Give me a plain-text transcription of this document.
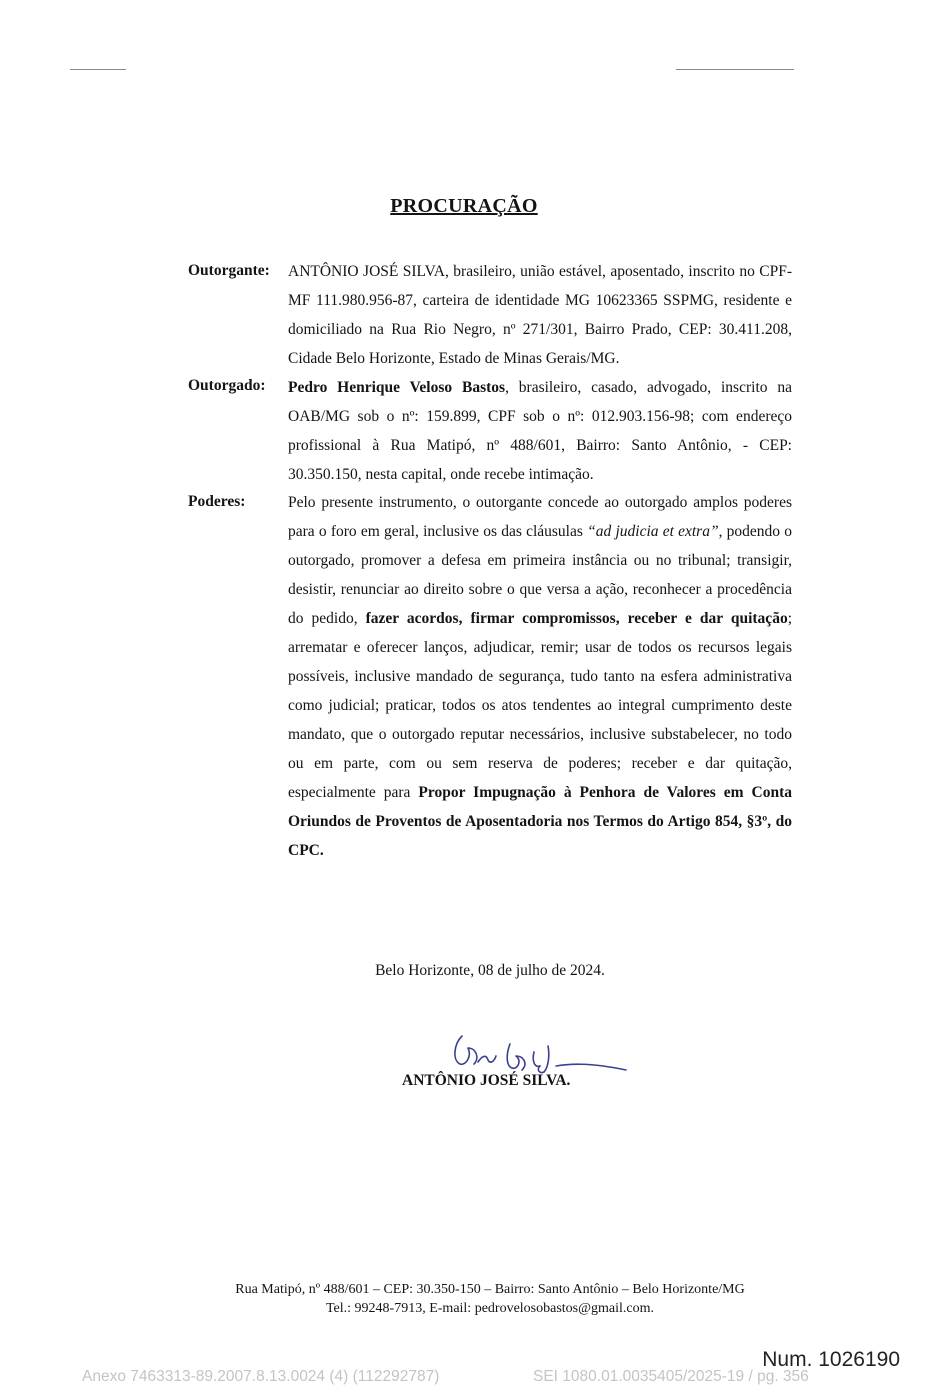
PROCURAÇÃO
Outorgante: ANTÔNIO JOSÉ SILVA, brasileiro, união estável, aposentado, inscrito no CPF-MF 111.980.956-87, carteira de identidade MG 10623365 SSPMG, residente e domiciliado na Rua Rio Negro, nº 271/301, Bairro Prado, CEP: 30.411.208, Cidade Belo Horizonte, Estado de Minas Gerais/MG.

Outorgado: Pedro Henrique Veloso Bastos, brasileiro, casado, advogado, inscrito na OAB/MG sob o nº: 159.899, CPF sob o nº: 012.903.156-98; com endereço profissional à Rua Matipó, nº 488/601, Bairro: Santo Antônio, - CEP: 30.350.150, nesta capital, onde recebe intimação.

Poderes:	Pelo presente instrumento, o outorgante concede ao outorgado amplos poderes para o foro em geral, inclusive os das cláusulas “ad judicia et extra”, podendo o outorgado, promover a defesa em primeira instância ou no tribunal; transigir, desistir, renunciar ao direito sobre o que versa a ação, reconhecer a procedência do pedido, fazer acordos, firmar compromissos, receber e dar quitação; arrematar e oferecer lanços, adjudicar, remir; usar de todos os recursos legais possíveis, inclusive mandado de segurança, tudo tanto na esfera administrativa como judicial; praticar, todos os atos tendentes ao integral cumprimento deste mandato, que o outorgado reputar necessários, inclusive substabelecer, no todo ou em parte, com ou sem reserva de poderes; receber e dar quitação, especialmente para Propor Impugnação à Penhora de Valores em Conta Oriundos de Proventos de Aposentadoria nos Termos do Artigo 854, §3º, do CPC.

Belo Horizonte, 08 de julho de 2024.
ANTÔNIO JOSÉ SILVA.
Rua Matipó, nº 488/601 – CEP: 30.350-150 – Bairro: Santo Antônio – Belo Horizonte/MG
Tel.: 99248-7913, E-mail: pedrovelosobastos@gmail.com.
Num. 1026190
Anexo 7463313-89.2007.8.13.0024 (4) (112292787)	SEI 1080.01.0035405/2025-19 / pg. 356
